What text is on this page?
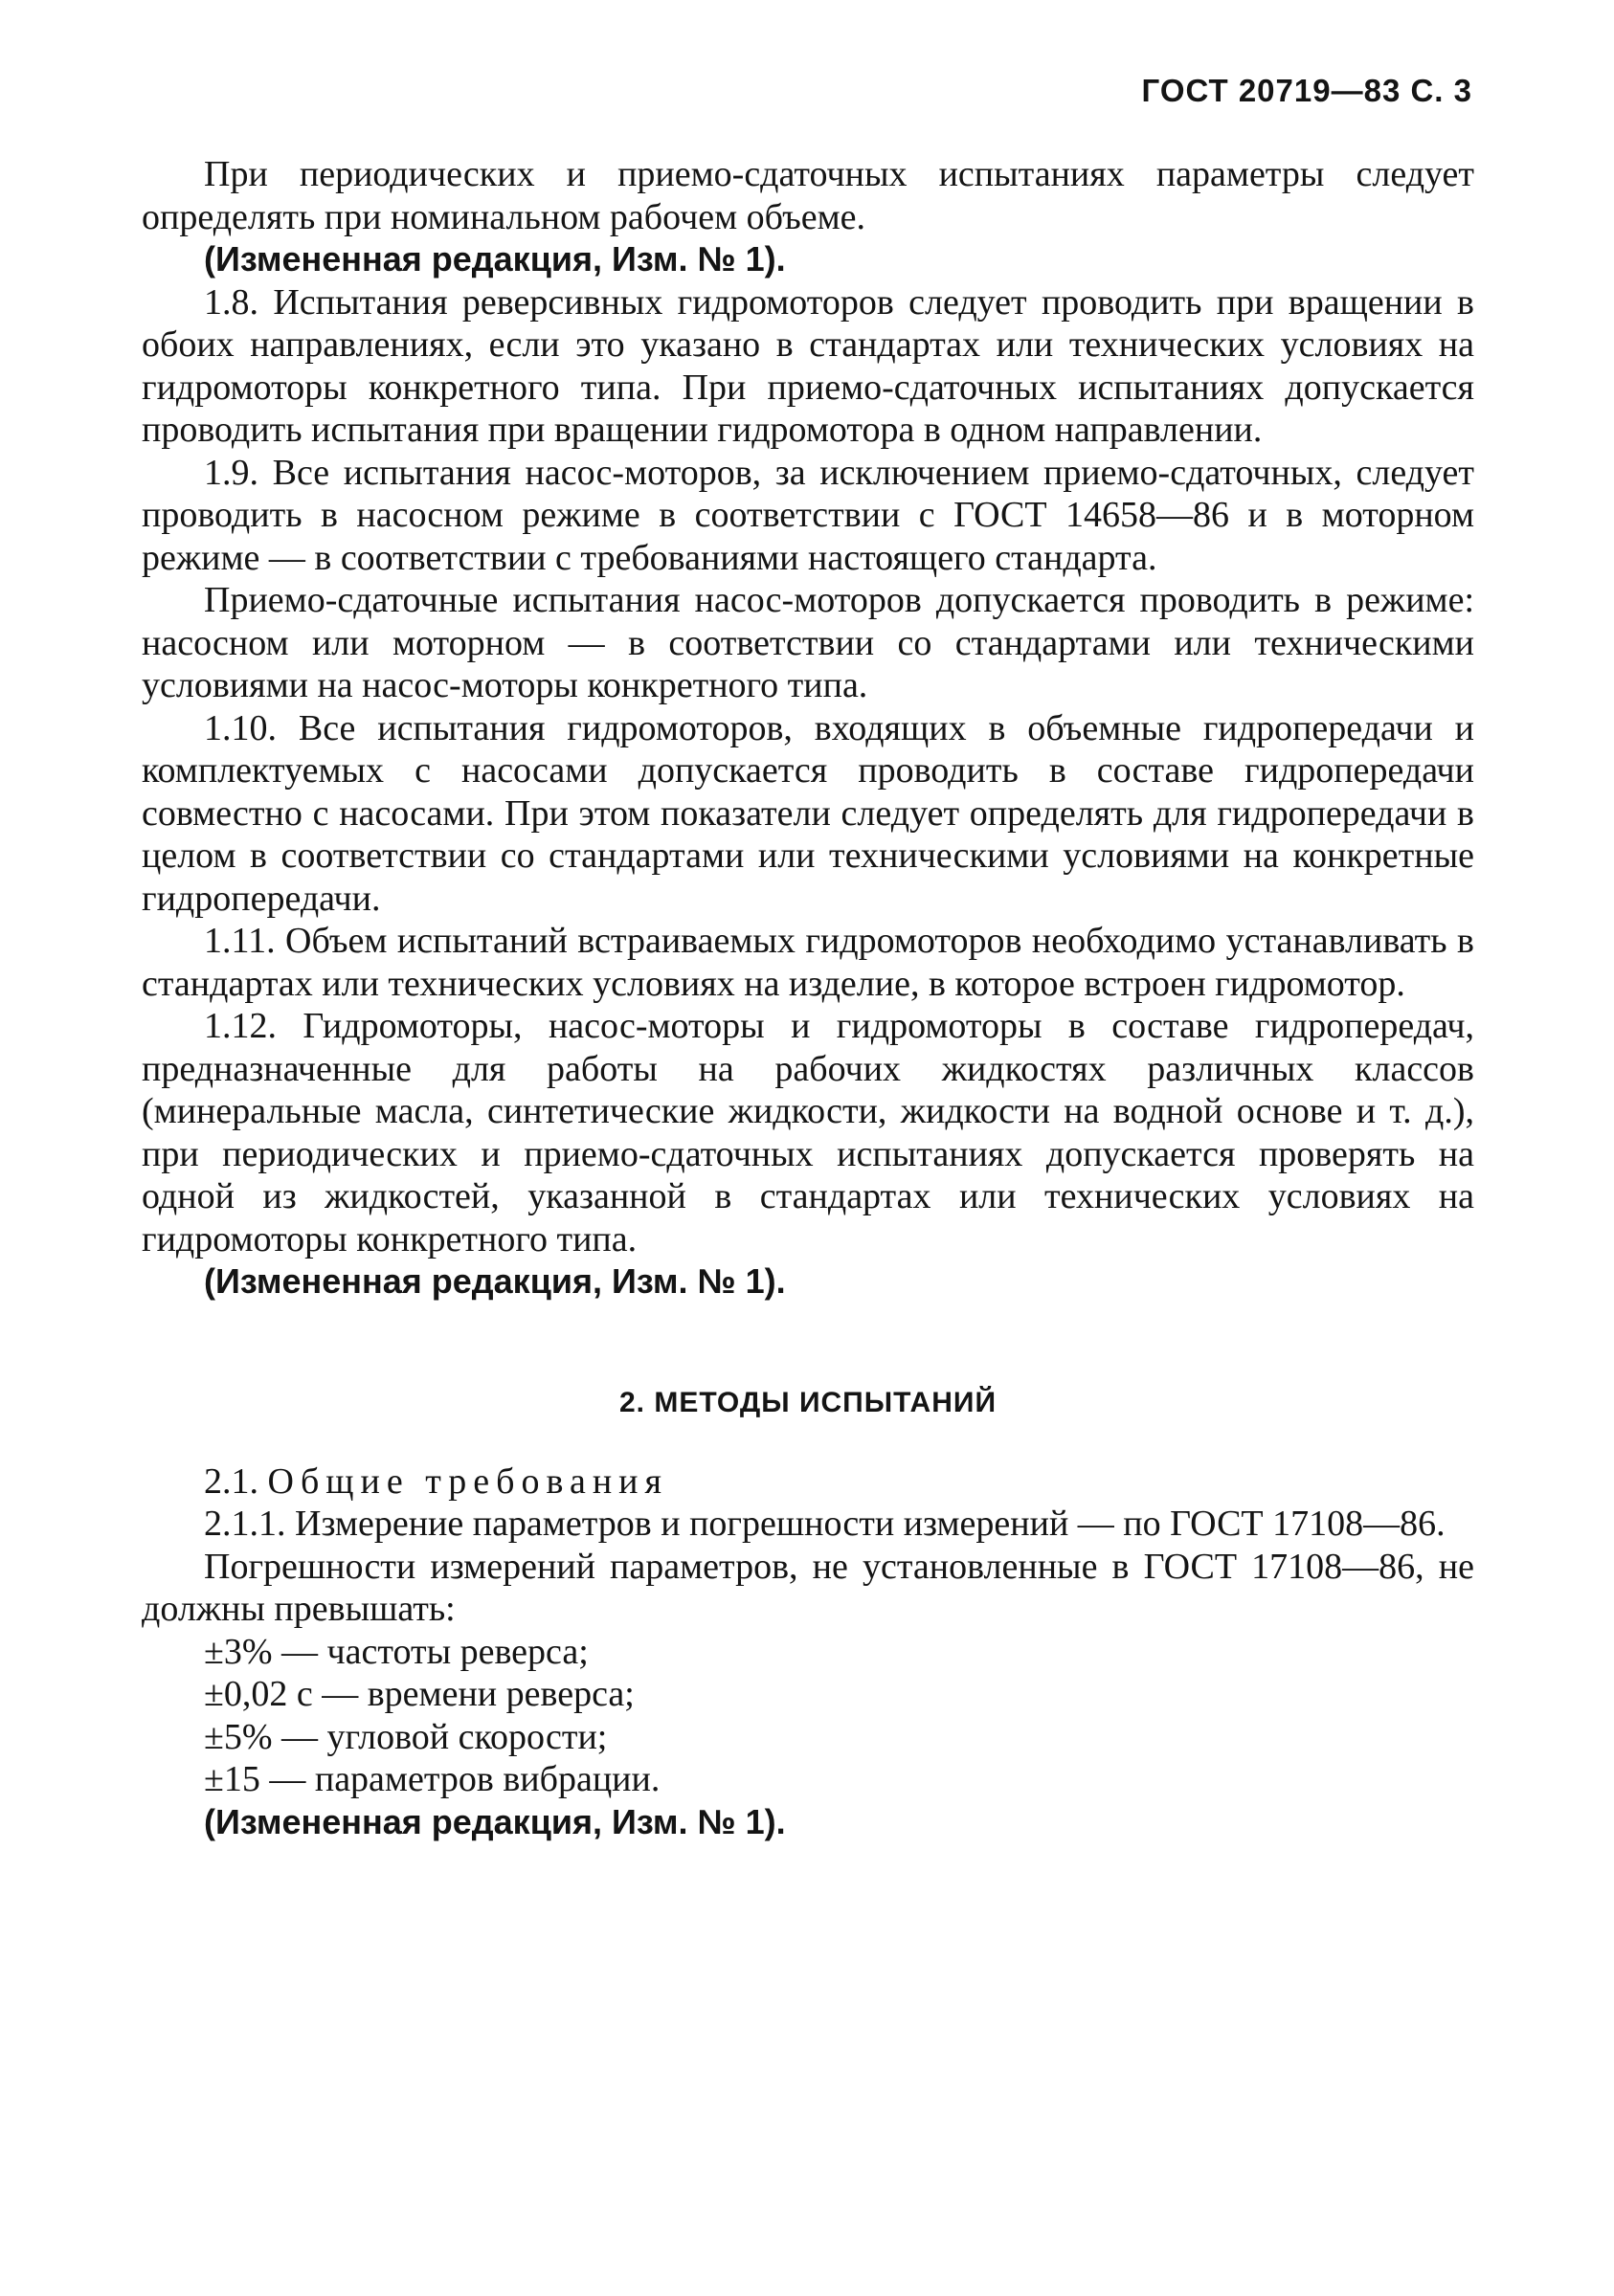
ГОСТ 20719—83 С. 3

При периодических и приемо-сдаточных испытаниях параметры следует определять при номинальном рабочем объеме.

(Измененная редакция, Изм. № 1).

1.8. Испытания реверсивных гидромоторов следует проводить при вращении в обоих направлениях, если это указано в стандартах или технических условиях на гидромоторы конкретного типа. При приемо-сдаточных испытаниях допускается проводить испытания при вращении гидромотора в одном направлении.

1.9. Все испытания насос-моторов, за исключением приемо-сдаточных, следует проводить в насосном режиме в соответствии с ГОСТ 14658—86 и в моторном режиме — в соответствии с требованиями настоящего стандарта.

Приемо-сдаточные испытания насос-моторов допускается проводить в режиме: насосном или моторном — в соответствии со стандартами или техническими условиями на насос-моторы конкретного типа.

1.10. Все испытания гидромоторов, входящих в объемные гидропередачи и комплектуемых с насосами допускается проводить в составе гидропередачи совместно с насосами. При этом показатели следует определять для гидропередачи в целом в соответствии со стандартами или техническими условиями на конкретные гидропередачи.

1.11. Объем испытаний встраиваемых гидромоторов необходимо устанавливать в стандартах или технических условиях на изделие, в которое встроен гидромотор.

1.12. Гидромоторы, насос-моторы и гидромоторы в составе гидропередач, предназначенные для работы на рабочих жидкостях различных классов (минеральные масла, синтетические жидкости, жидкости на водной основе и т. д.), при периодических и приемо-сдаточных испытаниях допускается проверять на одной из жидкостей, указанной в стандартах или технических условиях на гидромоторы конкретного типа.

(Измененная редакция, Изм. № 1).

2. МЕТОДЫ ИСПЫТАНИЙ

2.1. Общие требования

2.1.1. Измерение параметров и погрешности измерений — по ГОСТ 17108—86.

Погрешности измерений параметров, не установленные в ГОСТ 17108—86, не должны превышать:

±3% — частоты реверса;

±0,02 с — времени реверса;

±5% — угловой скорости;

±15 — параметров вибрации.

(Измененная редакция, Изм. № 1).
